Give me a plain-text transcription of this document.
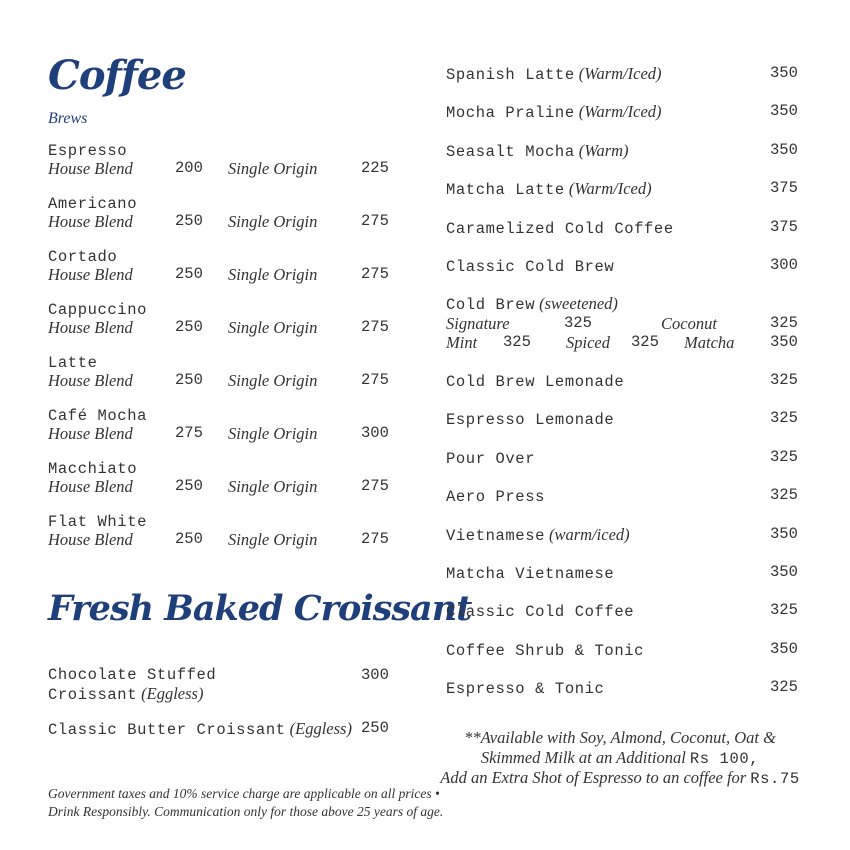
Coffee
Brews
Espresso
House Blend	200 Single Origin	225
Americano
House Blend	250 Single Origin	275
Cortado
House Blend	250 Single Origin	275
Cappuccino
House Blend	250 Single Origin	275
Latte
House Blend	250 Single Origin	275
Café Mocha
House Blend	275 Single Origin	300
Macchiato
House Blend	250 Single Origin	275
Flat White
House Blend	250 Single Origin	275
Fresh Baked Croissant
Chocolate Stuffed
Croissant (Eggless)
300
Classic Butter Croissant (Eggless) 250
Government taxes and 10% service charge are applicable on all prices •
Drink Responsibly. Communication only for those above 25 years of age.
Spanish Latte (Warm/Iced)	350
Mocha Praline (Warm/Iced)	350
Seasalt Mocha (Warm)	350
Matcha Latte (Warm/Iced)	375
Caramelized Cold Coffee	375
Classic Cold Brew	300
Cold Brew (sweetened)
Signature	325	Coconut	325
Mint 325 Spiced 325 Matcha 350
Cold Brew Lemonade	325
Espresso Lemonade	325
Pour Over	325
Aero Press	325
Vietnamese (warm/iced)	350
Matcha Vietnamese	350
Classic Cold Coffee	325
Coffee Shrub & Tonic	350
Espresso & Tonic	325
**Available with Soy, Almond, Coconut, Oat &
Skimmed Milk at an Additional Rs 100,
Add an Extra Shot of Espresso to an coffee for Rs.75
